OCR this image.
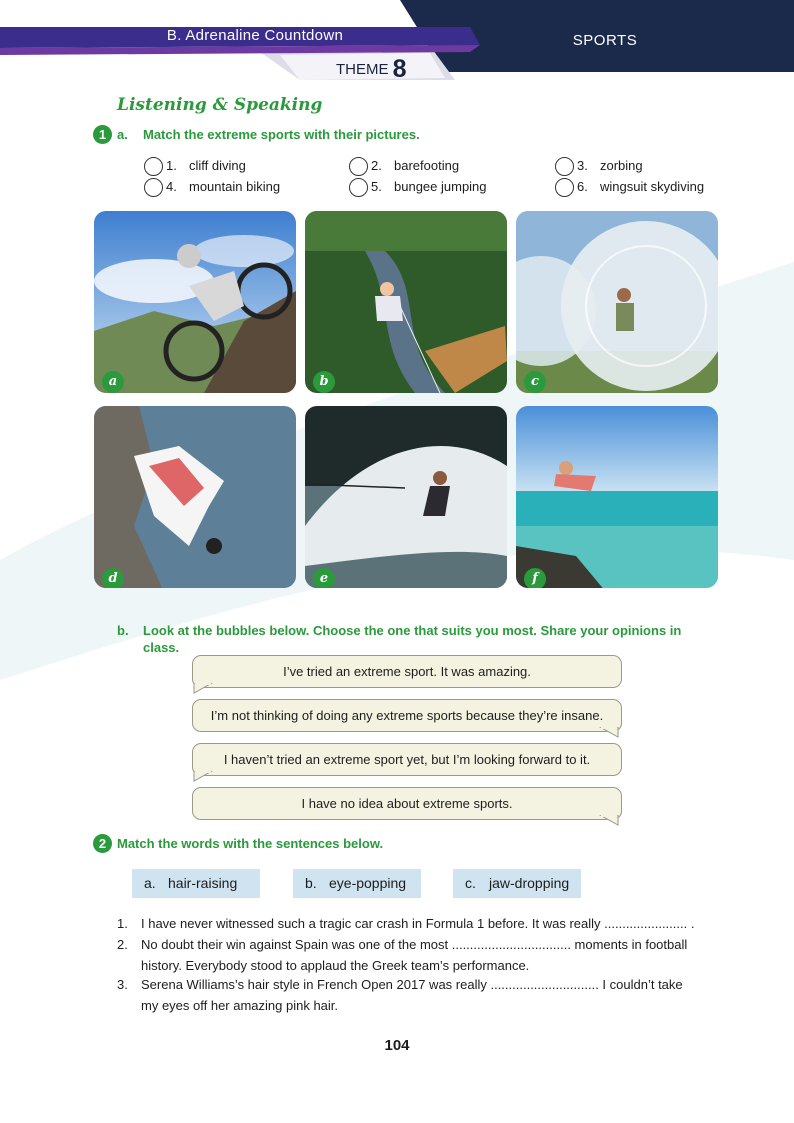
B. Adrenaline Countdown	SPORTS
THEME 8
Listening & Speaking
1 a. Match the extreme sports with their pictures.
1. cliff diving	2. barefooting	3. zorbing
4. mountain biking	5. bungee jumping	6. wingsuit skydiving
a	b	c
d	e	f
b. Look at the bubbles below. Choose the one that suits you most. Share your opinions in
class.
I’ve tried an extreme sport. It was amazing.
I’m not thinking of doing any extreme sports because they’re insane.
I haven’t tried an extreme sport yet, but I’m looking forward to it.
I have no idea about extreme sports.
2 Match the words with the sentences below.
a. hair-raising	b. eye-popping	c. jaw-dropping
1. I have never witnessed such a tragic car crash in Formula 1 before. It was really ....................... .
2. No doubt their win against Spain was one of the most ................................. moments in football
history. Everybody stood to applaud the Greek team’s performance.
3. Serena Williams’s hair style in French Open 2017 was really .............................. I couldn’t take
my eyes off her amazing pink hair.
104
